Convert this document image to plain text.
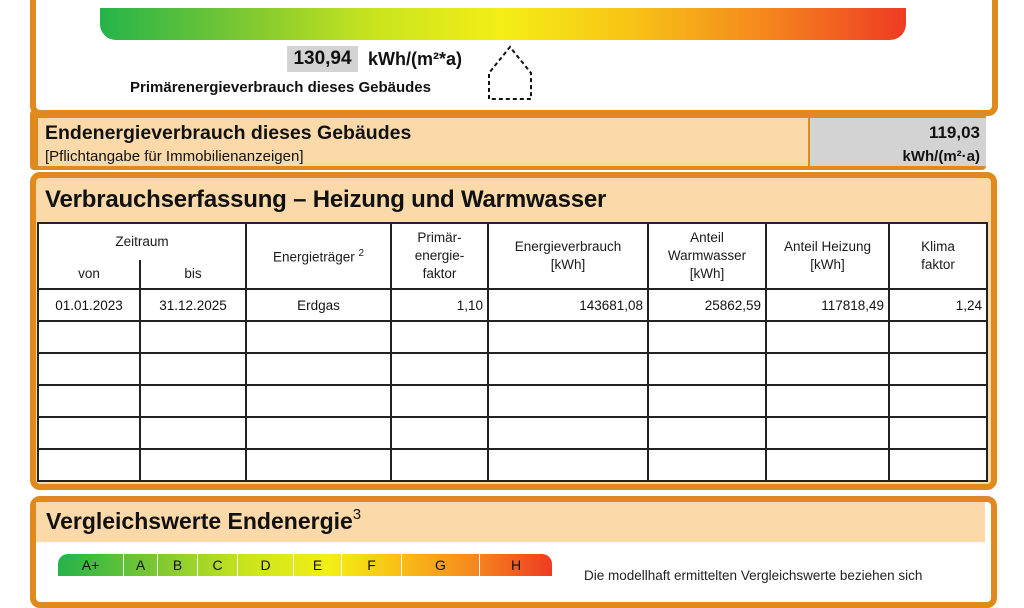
130,94 kWh/(m²*a)
Primärenergieverbrauch dieses Gebäudes
Endenergieverbrauch dieses Gebäudes
[Pflichtangabe für Immobilienanzeigen]
119,03
kWh/(m²·a)
Verbrauchserfassung – Heizung und Warmwasser
Zeitraum		Energieträger $^2$	Primär-energie-faktor	Energieverbrauch [kWh]	Anteil Warmwasser [kWh]	Anteil Heizung [kWh]	Klima faktor
von	bis						
01.01.2023	31.12.2025	Erdgas	1,10	143681,08	25862,59	117818,49	1,24

Vergleichswerte Endenergie$^3$
A+	A	B	C	D	E	F	G	H
Die modellhaft ermittelten Vergleichswerte beziehen sich
